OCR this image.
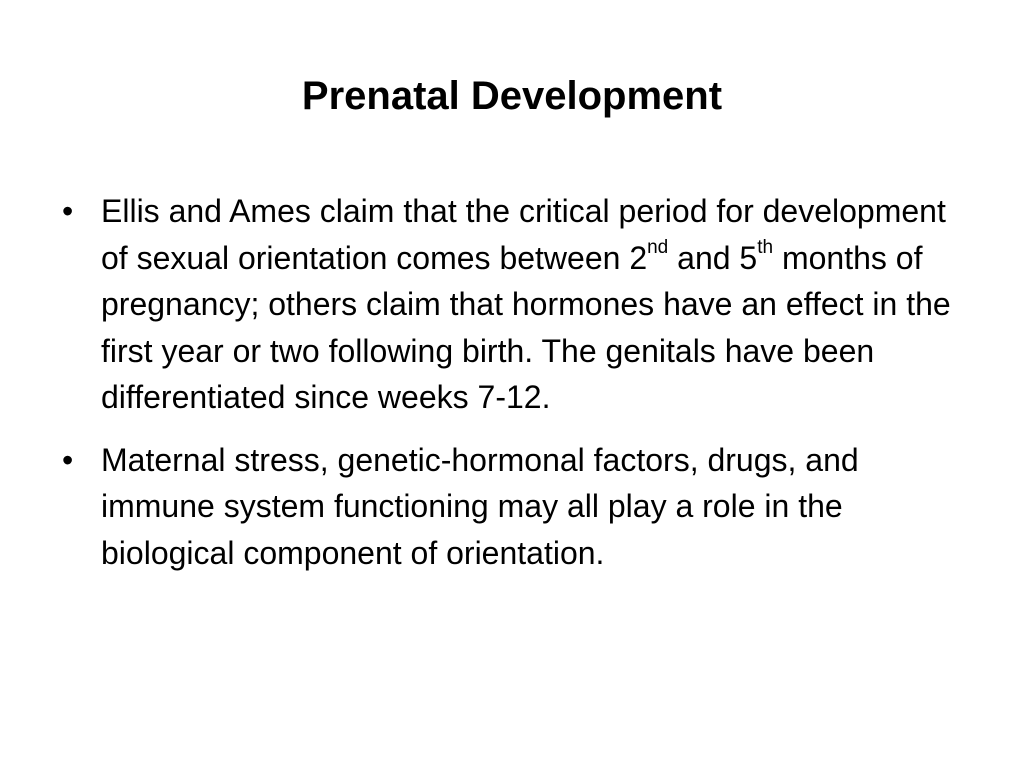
Prenatal Development
• Ellis and Ames claim that the critical period for development of sexual orientation comes between 2nd and 5th months of pregnancy; others claim that hormones have an effect in the first year or two following birth. The genitals have been differentiated since weeks 7-12.
• Maternal stress, genetic-hormonal factors, drugs, and immune system functioning may all play a role in the biological component of orientation.
